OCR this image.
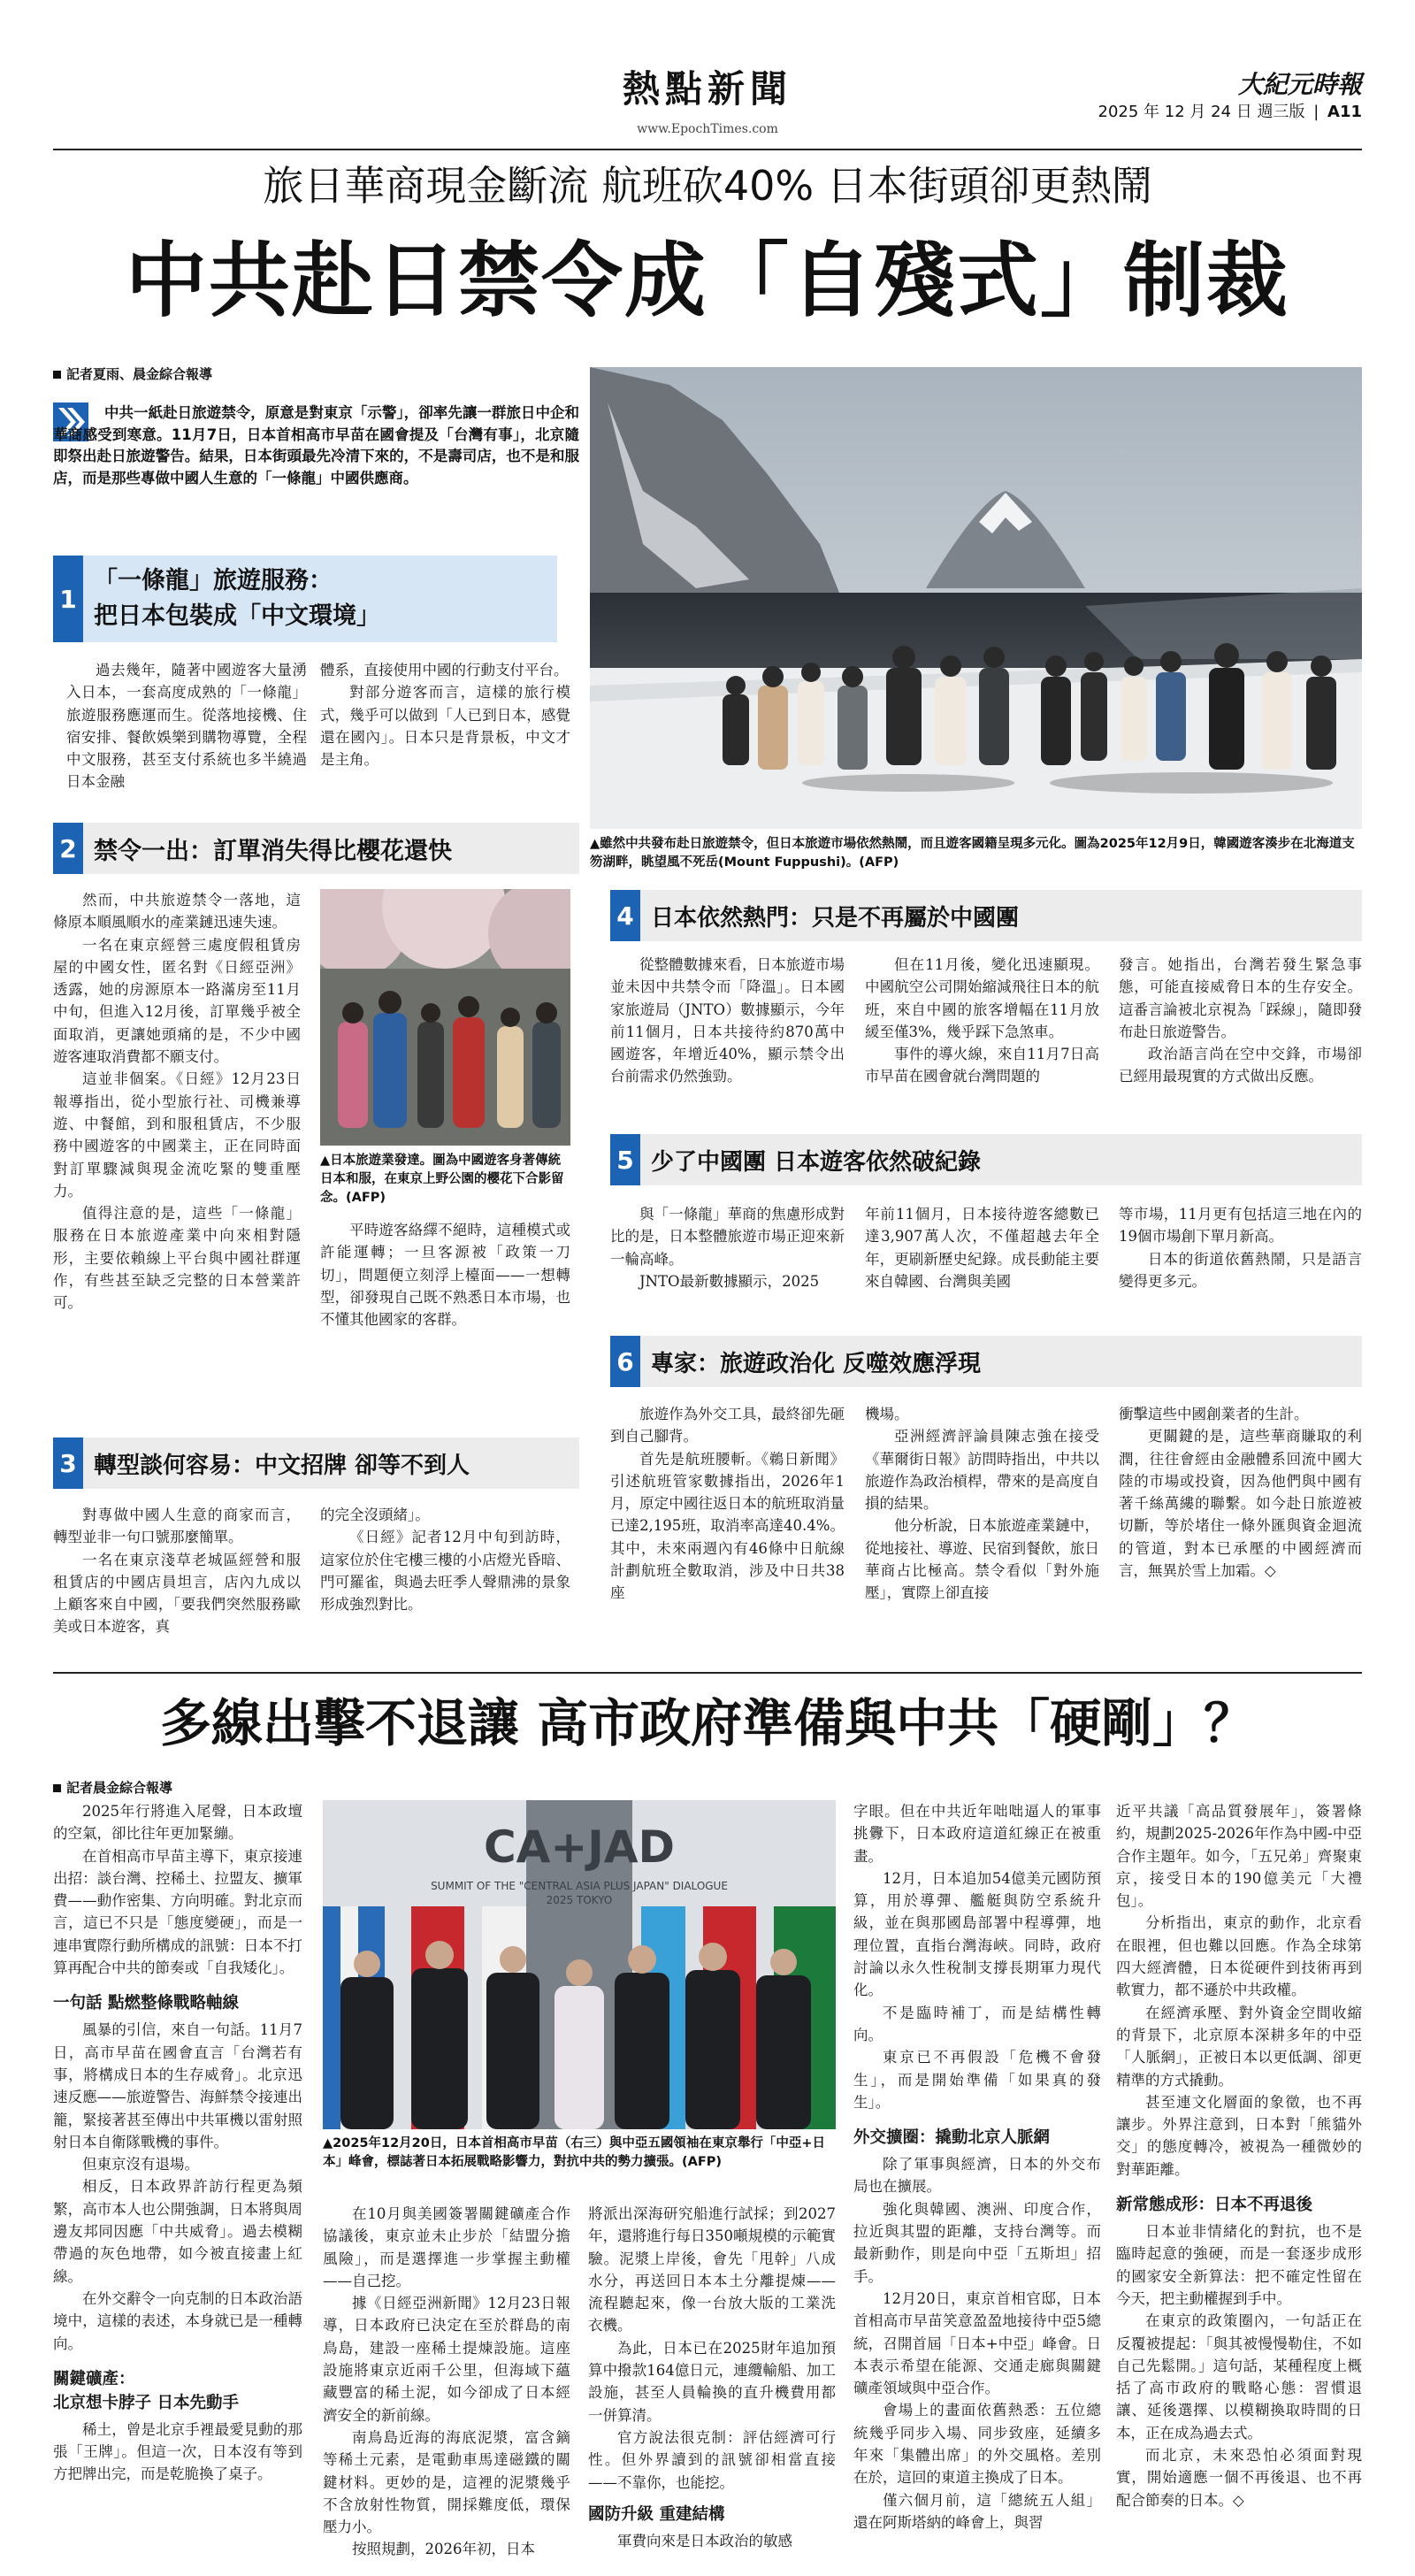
熱點新聞
www.EpochTimes.com
大紀元時報
2025 年 12 月 24 日 週三版 | A11
旅日華商現金斷流 航班砍40% 日本街頭卻更熱鬧
中共赴日禁令成「自殘式」制裁
記者夏雨、晨金綜合報導
中共一紙赴日旅遊禁令，原意是對東京「示警」，卻率先讓一群旅日中企和華商感受到寒意。11月7日，日本首相高市早苗在國會提及「台灣有事」，北京隨即祭出赴日旅遊警告。結果，日本街頭最先冷清下來的，不是壽司店，也不是和服店，而是那些專做中國人生意的「一條龍」中國供應商。
▲雖然中共發布赴日旅遊禁令，但日本旅遊市場依然熱鬧，而且遊客國籍呈現多元化。圖為2025年12月9日，韓國遊客湊步在北海道支笏湖畔，眺望風不死岳(Mount Fuppushi)。(AFP)
1
「一條龍」旅遊服務：
把日本包裝成「中文環境」

過去幾年，隨著中國遊客大量湧入日本，一套高度成熟的「一條龍」旅遊服務應運而生。從落地接機、住宿安排、餐飲娛樂到購物導覽，全程中文服務，甚至支付系統也多半繞過日本金融

體系，直接使用中國的行動支付平台。

對部分遊客而言，這樣的旅行模式，幾乎可以做到「人已到日本，感覺還在國內」。日本只是背景板，中文才是主角。

2 禁令一出：訂單消失得比櫻花還快

然而，中共旅遊禁令一落地，這條原本順風順水的產業鏈迅速失速。

一名在東京經營三處度假租賃房屋的中國女性，匿名對《日經亞洲》透露，她的房源原本一路滿房至11月中旬，但進入12月後，訂單幾乎被全面取消，更讓她頭痛的是，不少中國遊客連取消費都不願支付。

這並非個案。《日經》12月23日報導指出，從小型旅行社、司機兼導遊、中餐館，到和服租賃店，不少服務中國遊客的中國業主，正在同時面對訂單驟減與現金流吃緊的雙重壓力。

值得注意的是，這些「一條龍」服務在日本旅遊產業中向來相對隱形，主要依賴線上平台與中國社群運作，有些甚至缺乏完整的日本營業許可。

▲日本旅遊業發達。圖為中國遊客身著傳統日本和服，在東京上野公園的櫻花下合影留念。(AFP)

平時遊客絡繹不絕時，這種模式或許能運轉；一旦客源被「政策一刀切」，問題便立刻浮上檯面——一想轉型，卻發現自己既不熟悉日本市場，也不懂其他國家的客群。

3 轉型談何容易：中文招牌 卻等不到人

對專做中國人生意的商家而言，轉型並非一句口號那麼簡單。

一名在東京淺草老城區經營和服租賃店的中國店員坦言，店內九成以上顧客來自中國，「要我們突然服務歐美或日本遊客，真

的完全沒頭緒」。

《日經》記者12月中旬到訪時，這家位於住宅樓三樓的小店燈光昏暗、門可羅雀，與過去旺季人聲鼎沸的景象形成強烈對比。

4 日本依然熱門：只是不再屬於中國團

從整體數據來看，日本旅遊市場並未因中共禁令而「降溫」。日本國家旅遊局（JNTO）數據顯示，今年前11個月，日本共接待約870萬中國遊客，年增近40%，顯示禁令出台前需求仍然強勁。

但在11月後，變化迅速顯現。中國航空公司開始縮減飛往日本的航班，來自中國的旅客增幅在11月放緩至僅3%，幾乎踩下急煞車。

事件的導火線，來自11月7日高市早苗在國會就台灣問題的

發言。她指出，台灣若發生緊急事態，可能直接威脅日本的生存安全。這番言論被北京視為「踩線」，隨即發布赴日旅遊警告。

政治語言尚在空中交鋒，市場卻已經用最現實的方式做出反應。

5 少了中國團 日本遊客依然破紀錄

與「一條龍」華商的焦慮形成對比的是，日本整體旅遊市場正迎來新一輪高峰。

JNTO最新數據顯示，2025

年前11個月，日本接待遊客總數已達3,907萬人次，不僅超越去年全年，更刷新歷史紀錄。成長動能主要來自韓國、台灣與美國

等市場，11月更有包括這三地在內的19個市場創下單月新高。

日本的街道依舊熱鬧，只是語言變得更多元。

6 專家：旅遊政治化 反噬效應浮現

旅遊作為外交工具，最終卻先砸到自己腳背。

首先是航班腰斬。《鵜日新聞》引述航班管家數據指出，2026年1月，原定中國往返日本的航班取消量已達2,195班，取消率高達40.4%。其中，未來兩週內有46條中日航線計劃航班全數取消，涉及中日共38座

機場。

亞洲經濟評論員陳志強在接受《華爾街日報》訪問時指出，中共以旅遊作為政治槓桿，帶來的是高度自損的結果。

他分析說，日本旅遊產業鏈中，從地接社、導遊、民宿到餐飲，旅日華商占比極高。禁令看似「對外施壓」，實際上卻直接

衝擊這些中國創業者的生計。

更關鍵的是，這些華商賺取的利潤，往往會經由金融體系回流中國大陸的市場或投資，因為他們與中國有著千絲萬縷的聯繫。如今赴日旅遊被切斷，等於堵住一條外匯與資金迴流的管道，對本已承壓的中國經濟而言，無異於雪上加霜。◇

多線出擊不退讓 高市政府準備與中共「硬剛」？
記者晨金綜合報導

2025年行將進入尾聲，日本政壇的空氣，卻比往年更加緊繃。

在首相高市早苗主導下，東京接連出招：談台灣、控稀土、拉盟友、擴軍費——動作密集、方向明確。對北京而言，這已不只是「態度變硬」，而是一連串實際行動所構成的訊號：日本不打算再配合中共的節奏或「自我矮化」。

一句話 點燃整條戰略軸線

風暴的引信，來自一句話。11月7日，高市早苗在國會直言「台灣若有事，將構成日本的生存威脅」。北京迅速反應——旅遊警告、海鮮禁令接連出籠，緊接著甚至傳出中共軍機以雷射照射日本自衛隊戰機的事件。

但東京沒有退場。

相反，日本政界許訪行程更為頻繁，高市本人也公開強調，日本將與周邊友邦同因應「中共威脅」。過去模糊帶過的灰色地帶，如今被直接畫上紅線。

在外交辭令一向克制的日本政治語境中，這樣的表述，本身就已是一種轉向。

關鍵礦產：
北京想卡脖子 日本先動手

稀土，曾是北京手裡最愛見動的那張「王牌」。但這一次，日本沒有等到方把牌出完，而是乾脆換了桌子。

CA+JAD
SUMMIT OF THE "CENTRAL ASIA PLUS JAPAN" DIALOGUE
2025 TOKYO
▲2025年12月20日，日本首相高市早苗（右三）與中亞五國領袖在東京舉行「中亞+日本」峰會，標誌著日本拓展戰略影響力，對抗中共的勢力擴張。(AFP)

在10月與美國簽署關鍵礦產合作協議後，東京並未止步於「結盟分擔風險」，而是選擇進一步掌握主動權——自己挖。

據《日經亞洲新聞》12月23日報導，日本政府已決定在至於群島的南鳥島，建設一座稀土提煉設施。這座設施將東京近兩千公里，但海域下蘊藏豐富的稀土泥，如今卻成了日本經濟安全的新前線。

南鳥島近海的海底泥漿，富含鏑等稀土元素，是電動車馬達磁鐵的關鍵材料。更妙的是，這裡的泥漿幾乎不含放射性物質，開採難度低，環保壓力小。

按照規劃，2026年初，日本

將派出深海研究船進行試採；到2027年，還將進行每日350噸規模的示範實驗。泥漿上岸後，會先「甩幹」八成水分，再送回日本本土分離提煉——流程聽起來，像一台放大版的工業洗衣機。

為此，日本已在2025財年追加預算中撥款164億日元，連纜輸船、加工設施，甚至人員輪換的直升機費用都一併算清。

官方說法很克制：評估經濟可行性。但外界讀到的訊號卻相當直接——不靠你，也能挖。

國防升級 重建結構

軍費向來是日本政治的敏感

字眼。但在中共近年咄咄逼人的軍事挑釁下，日本政府這道紅線正在被重畫。

12月，日本追加54億美元國防預算，用於導彈、艦艇與防空系統升級，並在與那國島部署中程導彈，地理位置，直指台灣海峽。同時，政府討論以永久性稅制支撐長期軍力現代化。

不是臨時補丁，而是結構性轉向。

東京已不再假設「危機不會發生」，而是開始準備「如果真的發生」。

外交擴圈：撬動北京人脈網

除了軍事與經濟，日本的外交布局也在擴展。

強化與韓國、澳洲、印度合作，拉近與其盟的距離，支持台灣等。而最新動作，則是向中亞「五斯坦」招手。

12月20日，東京首相官邸，日本首相高市早苗笑意盈盈地接待中亞5總統，召開首屆「日本+中亞」峰會。日本表示希望在能源、交通走廊與關鍵礦產領域與中亞合作。

會場上的畫面依舊熱悉：五位總統幾乎同步入場、同步致座，延續多年來「集體出席」的外交風格。差別在於，這回的東道主換成了日本。

僅六個月前，這「總統五人組」還在阿斯塔納的峰會上，與習

近平共議「高品質發展年」，簽署條約，規劃2025-2026年作為中國-中亞合作主題年。如今，「五兄弟」齊聚東京，接受日本的190億美元「大禮包」。

分析指出，東京的動作，北京看在眼裡，但也難以回應。作為全球第四大經濟體，日本從硬件到技術再到軟實力，都不遜於中共政權。

在經濟承壓、對外資金空間收縮的背景下，北京原本深耕多年的中亞「人脈網」，正被日本以更低調、卻更精準的方式撬動。

甚至連文化層面的象徵，也不再讓步。外界注意到，日本對「熊貓外交」的態度轉冷，被視為一種微妙的對華距離。

新常態成形：日本不再退後

日本並非情緒化的對抗，也不是臨時起意的強硬，而是一套逐步成形的國家安全新算法：把不確定性留在今天，把主動權握到手中。

在東京的政策圈內，一句話正在反覆被提起：「與其被慢慢勒住，不如自己先鬆開。」這句話，某種程度上概括了高市政府的戰略心態：習慣退讓、延後選擇、以模糊換取時間的日本，正在成為過去式。

而北京，未來恐怕必須面對現實，開始適應一個不再後退、也不再配合節奏的日本。◇
